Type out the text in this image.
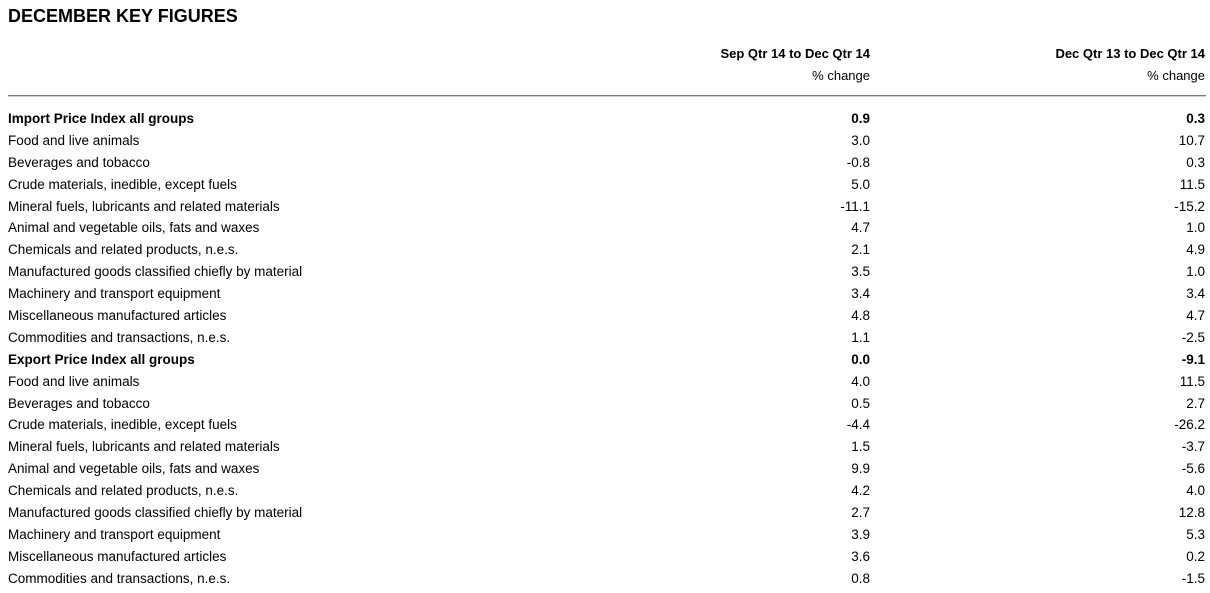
DECEMBER KEY FIGURES
Sep Qtr 14 to Dec Qtr 14
% change
Dec Qtr 13 to Dec Qtr 14
% change
Import Price Index all groups	0.9	0.3
Food and live animals	3.0	10.7
Beverages and tobacco	-0.8	0.3
Crude materials, inedible, except fuels	5.0	11.5
Mineral fuels, lubricants and related materials	-11.1	-15.2
Animal and vegetable oils, fats and waxes	4.7	1.0
Chemicals and related products, n.e.s.	2.1	4.9
Manufactured goods classified chiefly by material	3.5	1.0
Machinery and transport equipment	3.4	3.4
Miscellaneous manufactured articles	4.8	4.7
Commodities and transactions, n.e.s.	1.1	-2.5
Export Price Index all groups	0.0	-9.1
Food and live animals	4.0	11.5
Beverages and tobacco	0.5	2.7
Crude materials, inedible, except fuels	-4.4	-26.2
Mineral fuels, lubricants and related materials	1.5	-3.7
Animal and vegetable oils, fats and waxes	9.9	-5.6
Chemicals and related products, n.e.s.	4.2	4.0
Manufactured goods classified chiefly by material	2.7	12.8
Machinery and transport equipment	3.9	5.3
Miscellaneous manufactured articles	3.6	0.2
Commodities and transactions, n.e.s.	0.8	-1.5
